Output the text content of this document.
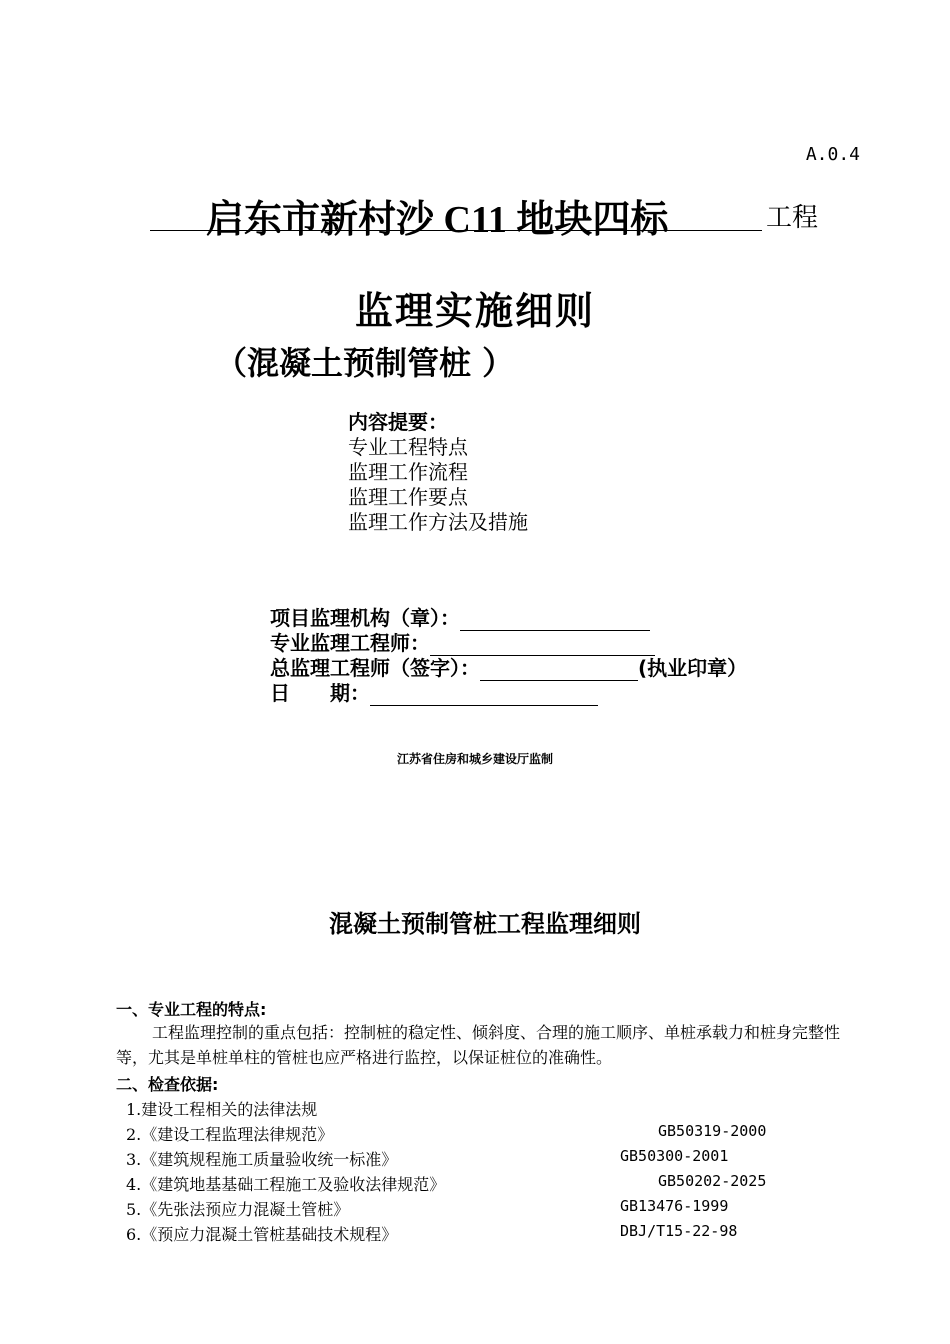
A.0.4
启东市新村沙 C11 地块四标	工程
监理实施细则
（混凝土预制管桩 ）
内容提要：
专业工程特点
监理工作流程
监理工作要点
监理工作方法及措施
项目监理机构（章）：
专业监理工程师：
总监理工程师（签字）：	(执业印章）
日　　期：
江苏省住房和城乡建设厅监制
混凝土预制管桩工程监理细则
一、专业工程的特点:
工程监理控制的重点包括：控制桩的稳定性、倾斜度、合理的施工顺序、单桩承载力和桩身完整性等，尤其是单桩单柱的管桩也应严格进行监控，以保证桩位的准确性。
二、检查依据:
1.建设工程相关的法律法规
2.《建设工程监理法律规范》	GB50319-2000
3.《建筑规程施工质量验收统一标准》	GB50300-2001
4.《建筑地基基础工程施工及验收法律规范》	GB50202-2025
5.《先张法预应力混凝土管桩》	GB13476-1999
6.《预应力混凝土管桩基础技术规程》	DBJ/T15-22-98
